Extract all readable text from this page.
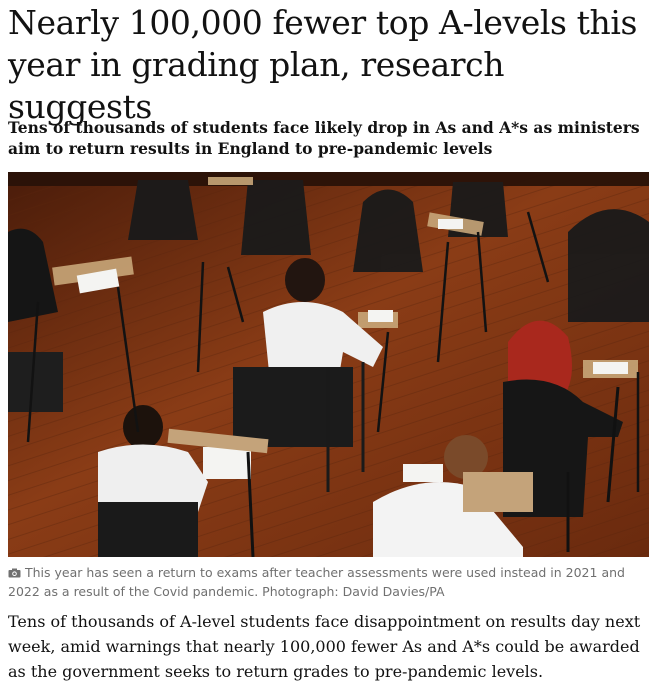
Nearly 100,000 fewer top A-levels this year in grading plan, research suggests
Tens of thousands of students face likely drop in As and A*s as ministers aim to return results in England to pre-pandemic levels

This year has seen a return to exams after teacher assessments were used instead in 2021 and 2022 as a result of the Covid pandemic. Photograph: David Davies/PA

Tens of thousands of A-level students face disappointment on results day next week, amid warnings that nearly 100,000 fewer As and A*s could be awarded as the government seeks to return grades to pre-pandemic levels.
